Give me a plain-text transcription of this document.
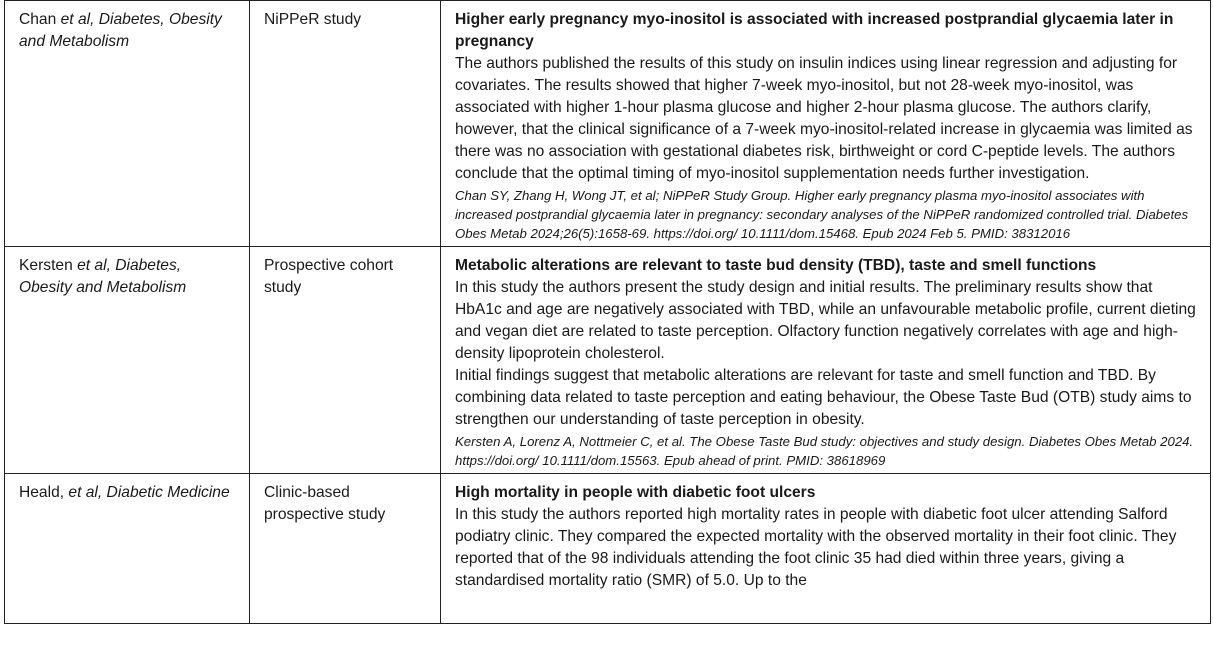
Chan et al, Diabetes, Obesity and Metabolism	NiPPeR study	Higher early pregnancy myo-inositol is associated with increased postprandial glycaemia later in pregnancy
The authors published the results of this study on insulin indices using linear regression and adjusting for covariates. The results showed that higher 7-week myo-inositol, but not 28-week myo-inositol, was associated with higher 1-hour plasma glucose and higher 2-hour plasma glucose. The authors clarify, however, that the clinical significance of a 7-week myo-inositol-related increase in glycaemia was limited as there was no association with gestational diabetes risk, birthweight or cord C-peptide levels. The authors conclude that the optimal timing of myo-inositol supplementation needs further investigation.
Chan SY, Zhang H, Wong JT, et al; NiPPeR Study Group. Higher early pregnancy plasma myo-inositol associates with increased postprandial glycaemia later in pregnancy: secondary analyses of the NiPPeR randomized controlled trial. Diabetes Obes Metab 2024;26(5):1658-69. https://doi.org/ 10.1111/dom.15468. Epub 2024 Feb 5. PMID: 38312016

Kersten et al, Diabetes, Obesity and Metabolism	Prospective cohort study	Metabolic alterations are relevant to taste bud density (TBD), taste and smell functions
In this study the authors present the study design and initial results. The preliminary results show that HbA1c and age are negatively associated with TBD, while an unfavourable metabolic profile, current dieting and vegan diet are related to taste perception. Olfactory function negatively correlates with age and high-density lipoprotein cholesterol.
Initial findings suggest that metabolic alterations are relevant for taste and smell function and TBD. By combining data related to taste perception and eating behaviour, the Obese Taste Bud (OTB) study aims to strengthen our understanding of taste perception in obesity.
Kersten A, Lorenz A, Nottmeier C, et al. The Obese Taste Bud study: objectives and study design. Diabetes Obes Metab 2024. https://doi.org/ 10.1111/dom.15563. Epub ahead of print. PMID: 38618969

Heald, et al, Diabetic Medicine	Clinic-based prospective study	High mortality in people with diabetic foot ulcers
In this study the authors reported high mortality rates in people with diabetic foot ulcer attending Salford podiatry clinic. They compared the expected mortality with the observed mortality in their foot clinic. They reported that of the 98 individuals attending the foot clinic 35 had died within three years, giving a standardised mortality ratio (SMR) of 5.0. Up to the
